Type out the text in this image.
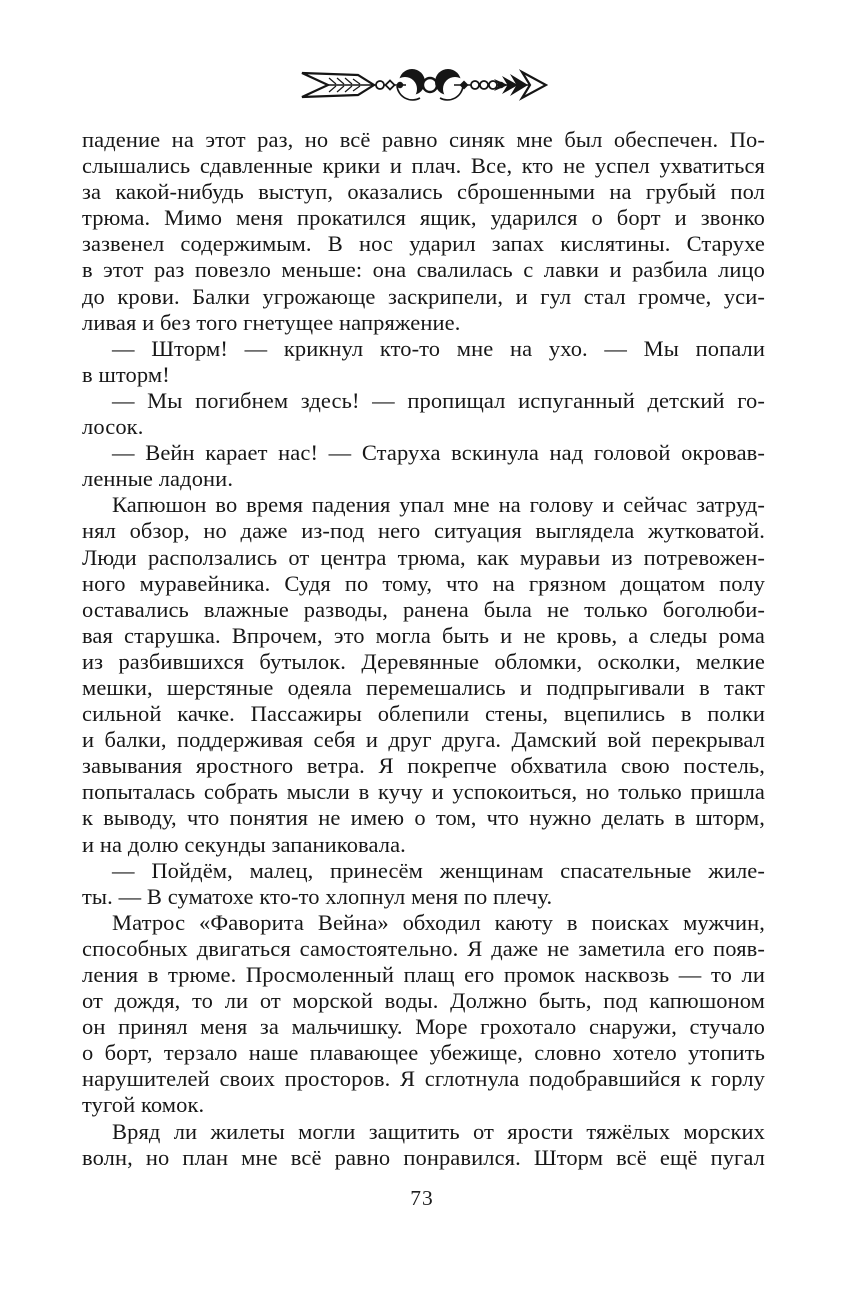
падение на этот раз, но всё равно синяк мне был обеспечен. По-
слышались сдавленные крики и плач. Все, кто не успел ухватиться
за какой-нибудь выступ, оказались сброшенными на грубый пол
трюма. Мимо меня прокатился ящик, ударился о борт и звонко
зазвенел содержимым. В нос ударил запах кислятины. Старухе
в этот раз повезло меньше: она свалилась с лавки и разбила лицо
до крови. Балки угрожающе заскрипели, и гул стал громче, уси-
ливая и без того гнетущее напряжение.
— Шторм! — крикнул кто-то мне на ухо. — Мы попали
в шторм!
— Мы погибнем здесь! — пропищал испуганный детский го-
лосок.
— Вейн карает нас! — Старуха вскинула над головой окровав-
ленные ладони.
Капюшон во время падения упал мне на голову и сейчас затруд-
нял обзор, но даже из-под него ситуация выглядела жутковатой.
Люди расползались от центра трюма, как муравьи из потревожен-
ного муравейника. Судя по тому, что на грязном дощатом полу
оставались влажные разводы, ранена была не только боголюби-
вая старушка. Впрочем, это могла быть и не кровь, а следы рома
из разбившихся бутылок. Деревянные обломки, осколки, мелкие
мешки, шерстяные одеяла перемешались и подпрыгивали в такт
сильной качке. Пассажиры облепили стены, вцепились в полки
и балки, поддерживая себя и друг друга. Дамский вой перекрывал
завывания яростного ветра. Я покрепче обхватила свою постель,
попыталась собрать мысли в кучу и успокоиться, но только пришла
к выводу, что понятия не имею о том, что нужно делать в шторм,
и на долю секунды запаниковала.
— Пойдём, малец, принесём женщинам спасательные жиле-
ты. — В суматохе кто-то хлопнул меня по плечу.
Матрос «Фаворита Вейна» обходил каюту в поисках мужчин,
способных двигаться самостоятельно. Я даже не заметила его появ-
ления в трюме. Просмоленный плащ его промок насквозь — то ли
от дождя, то ли от морской воды. Должно быть, под капюшоном
он принял меня за мальчишку. Море грохотало снаружи, стучало
о борт, терзало наше плавающее убежище, словно хотело утопить
нарушителей своих просторов. Я сглотнула подобравшийся к горлу
тугой комок.
Вряд ли жилеты могли защитить от ярости тяжёлых морских
волн, но план мне всё равно понравился. Шторм всё ещё пугал
73
